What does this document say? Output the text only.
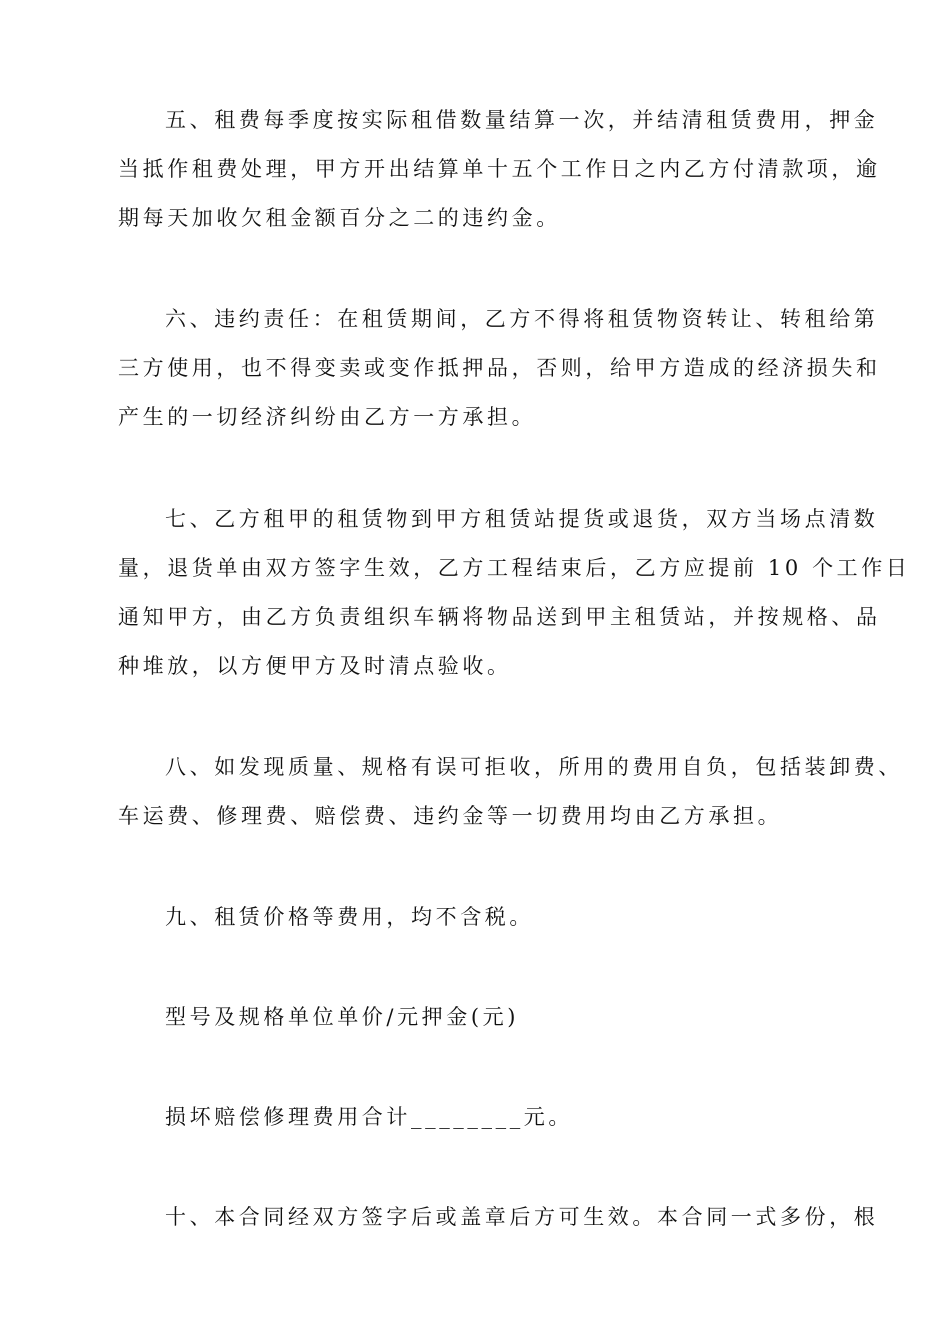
五、租费每季度按实际租借数量结算一次，并结清租赁费用，押金
当抵作租费处理，甲方开出结算单十五个工作日之内乙方付清款项，逾
期每天加收欠租金额百分之二的违约金。
六、违约责任：在租赁期间，乙方不得将租赁物资转让、转租给第
三方使用，也不得变卖或变作抵押品，否则，给甲方造成的经济损失和
产生的一切经济纠纷由乙方一方承担。
七、乙方租甲的租赁物到甲方租赁站提货或退货，双方当场点清数
量，退货单由双方签字生效，乙方工程结束后，乙方应提前 10 个工作日
通知甲方，由乙方负责组织车辆将物品送到甲主租赁站，并按规格、品
种堆放，以方便甲方及时清点验收。
八、如发现质量、规格有误可拒收，所用的费用自负，包括装卸费、
车运费、修理费、赔偿费、违约金等一切费用均由乙方承担。
九、租赁价格等费用，均不含税。
型号及规格单位单价/元押金(元)
损坏赔偿修理费用合计________元。
十、本合同经双方签字后或盖章后方可生效。本合同一式多份，根
